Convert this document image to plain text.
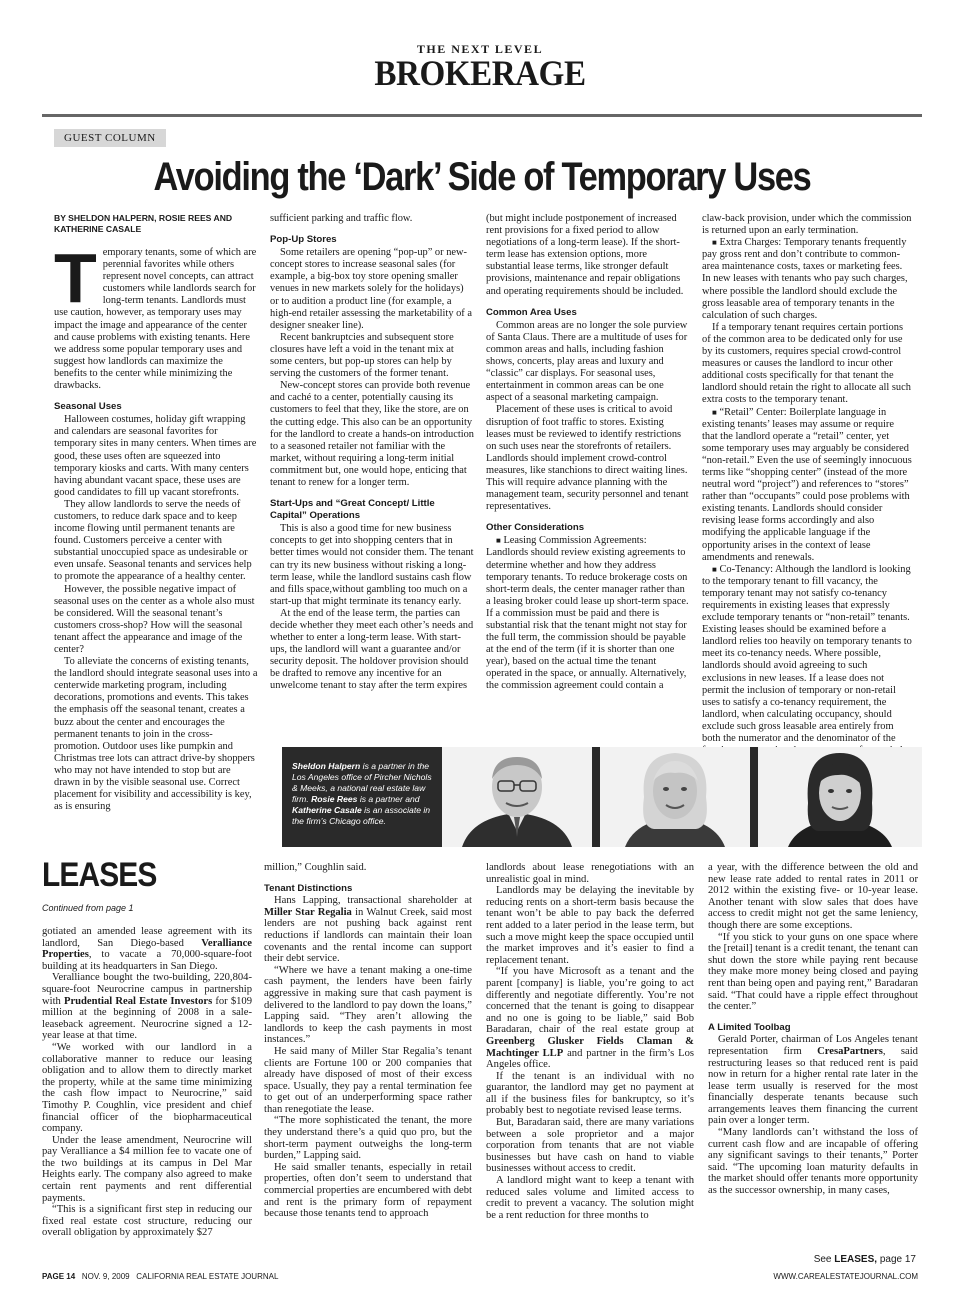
THE NEXT LEVEL
BROKERAGE
GUEST COLUMN
Avoiding the ‘Dark’ Side of Temporary Uses
BY SHELDON HALPERN, ROSIE REES AND KATHERINE CASALE
T emporary tenants, some of which are perennial favorites while others represent novel concepts, can attract customers while landlords search for long-term tenants. Landlords must use caution, however, as temporary uses may impact the image and appearance of the center and cause problems with existing tenants. Here we address some popular temporary uses and suggest how landlords can maximize the benefits to the center while minimizing the drawbacks.

Seasonal Uses

Halloween costumes, holiday gift wrapping and calendars are seasonal favorites for temporary sites in many centers. When times are good, these uses often are squeezed into temporary kiosks and carts. With many centers having abundant vacant space, these uses are good candidates to fill up vacant storefronts.

They allow landlords to serve the needs of customers, to reduce dark space and to keep income flowing until permanent tenants are found. Customers perceive a center with substantial unoccupied space as undesirable or even unsafe. Seasonal tenants and services help to promote the appearance of a healthy center.

However, the possible negative impact of seasonal uses on the center as a whole also must be considered. Will the seasonal tenant’s customers cross-shop? How will the seasonal tenant affect the appearance and image of the center?

To alleviate the concerns of existing tenants, the landlord should integrate seasonal uses into a centerwide marketing program, including decorations, promotions and events. This takes the emphasis off the seasonal tenant, creates a buzz about the center and encourages the permanent tenants to join in the cross-promotion. Outdoor uses like pumpkin and Christmas tree lots can attract drive-by shoppers who may not have intended to stop but are drawn in by the visible seasonal use. Correct placement for visibility and accessibility is key, as is ensuring

sufficient parking and traffic flow.

Pop-Up Stores

Some retailers are opening “pop-up” or new-concept stores to increase seasonal sales (for example, a big-box toy store opening smaller venues in new markets solely for the holidays) or to audition a product line (for example, a high-end retailer assessing the marketability of a designer sneaker line).

Recent bankruptcies and subsequent store closures have left a void in the tenant mix at some centers, but pop-up stores can help by serving the customers of the former tenant.

New-concept stores can provide both revenue and caché to a center, potentially causing its customers to feel that they, like the store, are on the cutting edge. This also can be an opportunity for the landlord to create a hands-on introduction to a seasoned retailer not familiar with the market, without requiring a long-term initial commitment but, one would hope, enticing that tenant to renew for a longer term.

Start-Ups and “Great Concept/ Little Capital” Operations

This is also a good time for new business concepts to get into shopping centers that in better times would not consider them. The tenant can try its new business without risking a long-term lease, while the landlord sustains cash flow and fills space,without gambling too much on a start-up that might terminate its tenancy early.

At the end of the lease term, the parties can decide whether they meet each other’s needs and whether to enter a long-term lease. With start-ups, the landlord will want a guarantee and/or security deposit. The holdover provision should be drafted to remove any incentive for an unwelcome tenant to stay after the term expires

(but might include postponement of increased rent provisions for a fixed period to allow negotiations of a long-term lease). If the short-term lease has extension options, more substantial lease terms, like stronger default provisions, maintenance and repair obligations and operating requirements should be included.

Common Area Uses

Common areas are no longer the sole purview of Santa Claus. There are a multitude of uses for common areas and halls, including fashion shows, concerts, play areas and luxury and “classic” car displays. For seasonal uses, entertainment in common areas can be one aspect of a seasonal marketing campaign.

Placement of these uses is critical to avoid disruption of foot traffic to stores. Existing leases must be reviewed to identify restrictions on such uses near the storefronts of retailers. Landlords should implement crowd-control measures, like stanchions to direct waiting lines. This will require advance planning with the management team, security personnel and tenant representatives.

Other Considerations

■ Leasing Commission Agreements: Landlords should review existing agreements to determine whether and how they address temporary tenants. To reduce brokerage costs on short-term deals, the center manager rather than a leasing broker could lease up short-term space. If a commission must be paid and there is substantial risk that the tenant might not stay for the full term, the commission should be payable at the end of the term (if it is shorter than one year), based on the actual time the tenant operated in the space, or annually. Alternatively, the commission agreement could contain a

claw-back provision, under which the commission is returned upon an early termination.

■ Extra Charges: Temporary tenants frequently pay gross rent and don’t contribute to common-area maintenance costs, taxes or marketing fees. In new leases with tenants who pay such charges, where possible the landlord should exclude the gross leasable area of temporary tenants in the calculation of such charges.

If a temporary tenant requires certain portions of the common area to be dedicated only for use by its customers, requires special crowd-control measures or causes the landlord to incur other additional costs specifically for that tenant the landlord should retain the right to allocate all such extra costs to the temporary tenant.

■ “Retail” Center: Boilerplate language in existing tenants’ leases may assume or require that the landlord operate a “retail” center, yet some temporary uses may arguably be considered “non-retail.” Even the use of seemingly innocuous terms like “shopping center” (instead of the more neutral word “project”) and references to “stores” rather than “occupants” could pose problems with existing tenants. Landlords should consider revising lease forms accordingly and also modifying the applicable language if the opportunity arises in the context of lease amendments and renewals.

■ Co-Tenancy: Although the landlord is looking to the temporary tenant to fill vacancy, the temporary tenant may not satisfy co-tenancy requirements in existing leases that expressly exclude temporary tenants or “non-retail” tenants. Existing leases should be examined before a landlord relies too heavily on temporary tenants to meet its co-tenancy needs. Where possible, landlords should avoid agreeing to such exclusions in new leases. If a lease does not permit the inclusion of temporary or non-retail uses to satisfy a co-tenancy requirement, the landlord, when calculating occupancy, should exclude such gross leasable area entirely from both the numerator and the denominator of the

Sheldon Halpern is a partner in the Los Angeles office of Pircher Nichols & Meeks, a national real estate law firm. Rosie Rees is a partner and Katherine Casale is an associate in the firm’s Chicago office.
LEASES
Continued from page 1

gotiated an amended lease agreement with its landlord, San Diego-based Veralliance Properties, to vacate a 70,000-square-foot building at its headquarters in San Diego.

Veralliance bought the two-building, 220,804-square-foot Neurocrine campus in partnership with Prudential Real Estate Investors for $109 million at the beginning of 2008 in a sale-leaseback agreement. Neurocrine signed a 12-year lease at that time.

“We worked with our landlord in a collaborative manner to reduce our leasing obligation and to allow them to directly market the property, while at the same time minimizing the cash flow impact to Neurocrine,” said Timothy P. Coughlin, vice president and chief financial officer of the biopharmaceutical company.

Under the lease amendment, Neurocrine will pay Veralliance a $4 million fee to vacate one of the two buildings at its campus in Del Mar Heights early. The company also agreed to make certain rent payments and rent differential payments.

“This is a significant first step in reducing our fixed real estate cost structure, reducing our overall obligation by approximately $27

million,” Coughlin said.

Tenant Distinctions

Hans Lapping, transactional shareholder at Miller Star Regalia in Walnut Creek, said most lenders are not pushing back against rent reductions if landlords can maintain their loan covenants and the rental income can support their debt service.

“Where we have a tenant making a one-time cash payment, the lenders have been fairly aggressive in making sure that cash payment is delivered to the landlord to pay down the loans,” Lapping said. “They aren’t allowing the landlords to keep the cash payments in most instances.”

He said many of Miller Star Regalia’s tenant clients are Fortune 100 or 200 companies that already have disposed of most of their excess space. Usually, they pay a rental termination fee to get out of an underperforming space rather than renegotiate the lease.

“The more sophisticated the tenant, the more they understand there’s a quid quo pro, but the short-term payment outweighs the long-term burden,” Lapping said.

He said smaller tenants, especially in retail properties, often don’t seem to understand that commercial properties are encumbered with debt and rent is the primary form of repayment because those tenants tend to approach

landlords about lease renegotiations with an unrealistic goal in mind.

Landlords may be delaying the inevitable by reducing rents on a short-term basis because the tenant won’t be able to pay back the deferred rent added to a later period in the lease term, but such a move might keep the space occupied until the market improves and it’s easier to find a replacement tenant.

“If you have Microsoft as a tenant and the parent [company] is liable, you’re going to act differently and negotiate differently. You’re not concerned that the tenant is going to disappear and no one is going to be liable,” said Bob Baradaran, chair of the real estate group at Greenberg Glusker Fields Claman & Machtinger LLP and partner in the firm’s Los Angeles office.

If the tenant is an individual with no guarantor, the landlord may get no payment at all if the business files for bankruptcy, so it’s probably best to negotiate revised lease terms.

But, Baradaran said, there are many variations between a sole proprietor and a major corporation from tenants that are not viable businesses but have cash on hand to viable businesses without access to credit.

A landlord might want to keep a tenant with reduced sales volume and limited access to credit to prevent a vacancy. The solution might be a rent reduction for three months to

a year, with the difference between the old and new lease rate added to rental rates in 2011 or 2012 within the existing five- or 10-year lease. Another tenant with slow sales that does have access to credit might not get the same leniency, though there are some exceptions.

“If you stick to your guns on one space where the [retail] tenant is a credit tenant, the tenant can shut down the store while paying rent because they make more money being closed and paying rent than being open and paying rent,” Baradaran said. “That could have a ripple effect throughout the center.”

A Limited Toolbag

Gerald Porter, chairman of Los Angeles tenant representation firm CresaPartners, said restructuring leases so that reduced rent is paid now in return for a higher rental rate later in the lease term usually is reserved for the most financially desperate tenants because such arrangements leaves them financing the current pain over a longer term.

“Many landlords can’t withstand the loss of current cash flow and are incapable of offering any significant savings to their tenants,” Porter said. “The upcoming loan maturity defaults in the market should offer tenants more opportunity as the successor ownership, in many cases,

See LEASES, page 17
PAGE 14 NOV. 9, 2009 CALIFORNIA REAL ESTATE JOURNAL	WWW.CAREALESTATEJOURNAL.COM
